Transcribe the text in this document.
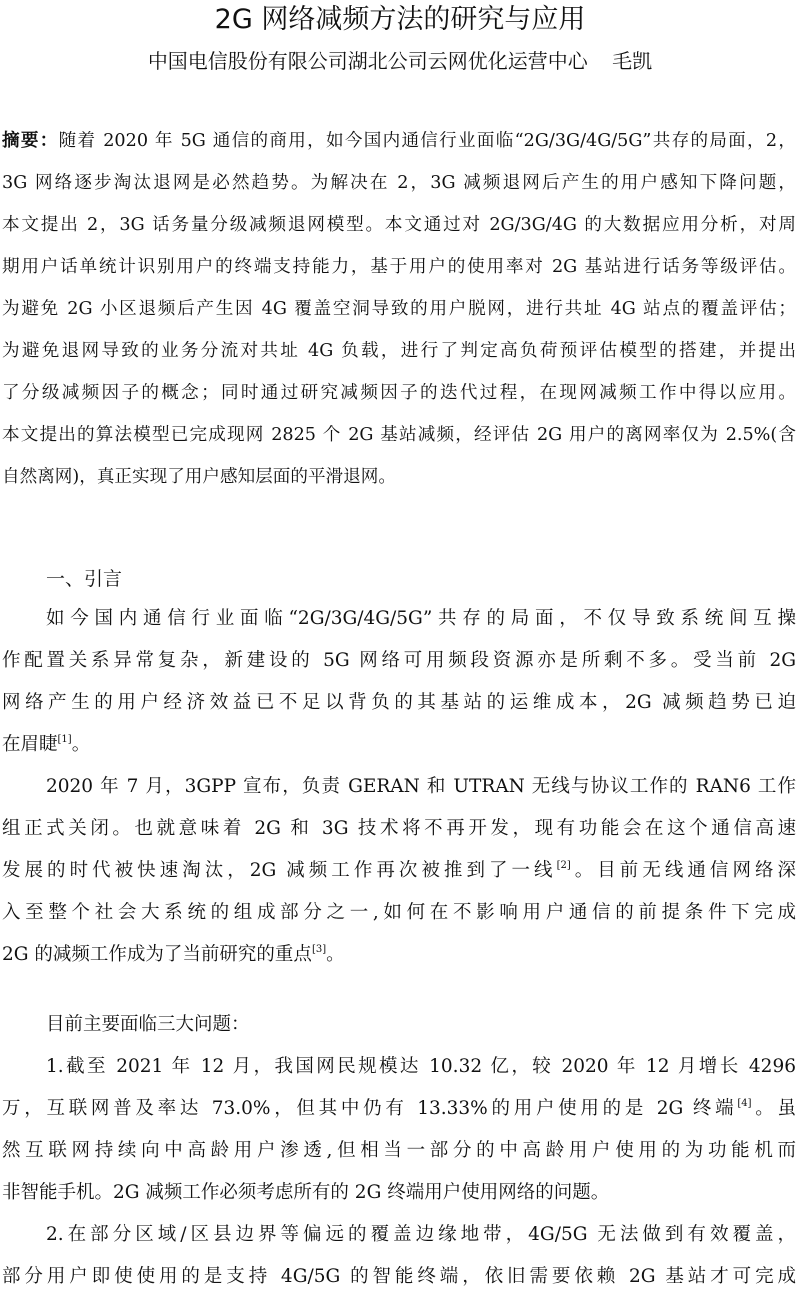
2G 网络减频方法的研究与应用
中国电信股份有限公司湖北公司云网优化运营中心 毛凯
摘要：随着 2020 年 5G 通信的商用，如今国内通信行业面临“2G/3G/4G/5G”共存的局面，2，
3G 网络逐步淘汰退网是必然趋势。为解决在 2，3G 减频退网后产生的用户感知下降问题，
本文提出 2，3G 话务量分级减频退网模型。本文通过对 2G/3G/4G 的大数据应用分析，对周
期用户话单统计识别用户的终端支持能力，基于用户的使用率对 2G 基站进行话务等级评估。
为避免 2G 小区退频后产生因 4G 覆盖空洞导致的用户脱网，进行共址 4G 站点的覆盖评估；
为避免退网导致的业务分流对共址 4G 负载，进行了判定高负荷预评估模型的搭建，并提出
了分级减频因子的概念；同时通过研究减频因子的迭代过程，在现网减频工作中得以应用。
本文提出的算法模型已完成现网 2825 个 2G 基站减频，经评估 2G 用户的离网率仅为 2.5%(含
自然离网)，真正实现了用户感知层面的平滑退网。
一、引言
如今国内通信行业面临“2G/3G/4G/5G”共存的局面，不仅导致系统间互操
作配置关系异常复杂，新建设的 5G 网络可用频段资源亦是所剩不多。受当前 2G
网络产生的用户经济效益已不足以背负的其基站的运维成本，2G 减频趋势已迫
在眉睫[1]。
2020 年 7 月，3GPP 宣布，负责 GERAN 和 UTRAN 无线与协议工作的 RAN6 工作
组正式关闭。也就意味着 2G 和 3G 技术将不再开发，现有功能会在这个通信高速
发展的时代被快速淘汰，2G 减频工作再次被推到了一线[2]。目前无线通信网络深
入至整个社会大系统的组成部分之一,如何在不影响用户通信的前提条件下完成
2G 的减频工作成为了当前研究的重点[3]。
目前主要面临三大问题：
1.截至 2021 年 12 月，我国网民规模达 10.32 亿，较 2020 年 12 月增长 4296
万，互联网普及率达 73.0%，但其中仍有 13.33%的用户使用的是 2G 终端[4]。虽
然互联网持续向中高龄用户渗透,但相当一部分的中高龄用户使用的为功能机而
非智能手机。2G 减频工作必须考虑所有的 2G 终端用户使用网络的问题。
2.在部分区域/区县边界等偏远的覆盖边缘地带，4G/5G 无法做到有效覆盖，
部分用户即使使用的是支持 4G/5G 的智能终端，依旧需要依赖 2G 基站才可完成
